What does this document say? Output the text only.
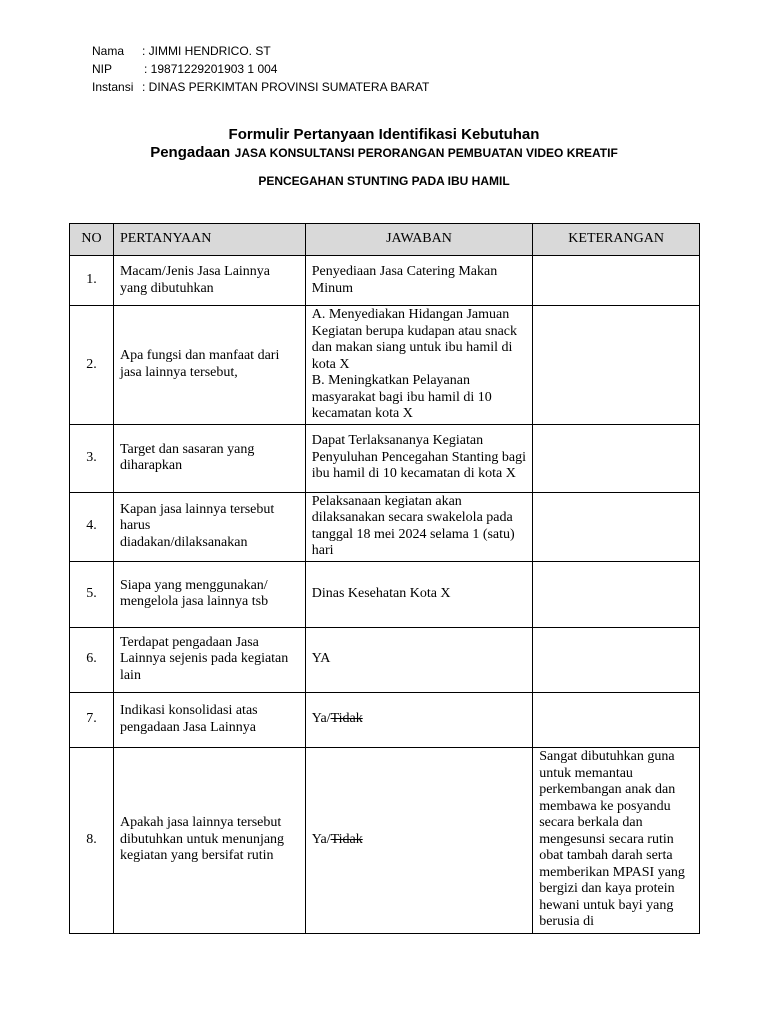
Nama	: JIMMI HENDRICO. ST
NIP	: 19871229201903 1 004
Instansi : DINAS PERKIMTAN PROVINSI SUMATERA BARAT
Formulir Pertanyaan Identifikasi Kebutuhan
Pengadaan JASA KONSULTANSI PERORANGAN PEMBUATAN VIDEO KREATIF
PENCEGAHAN STUNTING PADA IBU HAMIL
NO	PERTANYAAN	JAWABAN	KETERANGAN
1.	Macam/Jenis Jasa Lainnya yang dibutuhkan	Penyediaan Jasa Catering Makan Minum	
2.	Apa fungsi dan manfaat dari jasa lainnya tersebut,	A. Menyediakan Hidangan Jamuan Kegiatan berupa kudapan atau snack dan makan siang untuk ibu hamil di kota X
B. Meningkatkan Pelayanan masyarakat bagi ibu hamil di 10 kecamatan kota X	

3.	Target dan sasaran yang diharapkan	Dapat Terlaksananya Kegiatan Penyuluhan Pencegahan Stanting bagi ibu hamil di 10 kecamatan di kota X	
4.	Kapan jasa lainnya tersebut harus
diadakan/dilaksanakan	Pelaksanaan kegiatan akan dilaksanakan secara swakelola pada tanggal 18 mei 2024 selama 1 (satu) hari	
5.	Siapa yang menggunakan/ mengelola jasa lainnya tsb	Dinas Kesehatan Kota X	
6.	Terdapat pengadaan Jasa Lainnya sejenis pada kegiatan lain	YA	
7.	Indikasi konsolidasi atas pengadaan Jasa Lainnya	Ya/Tidak	
8.	Apakah jasa lainnya tersebut dibutuhkan untuk menunjang kegiatan yang bersifat rutin	Ya/Tidak	Sangat dibutuhkan guna untuk memantau perkembangan anak dan membawa ke posyandu secara berkala dan mengesunsi secara rutin obat tambah darah serta memberikan MPASI yang bergizi dan kaya protein hewani untuk bayi yang berusia di
